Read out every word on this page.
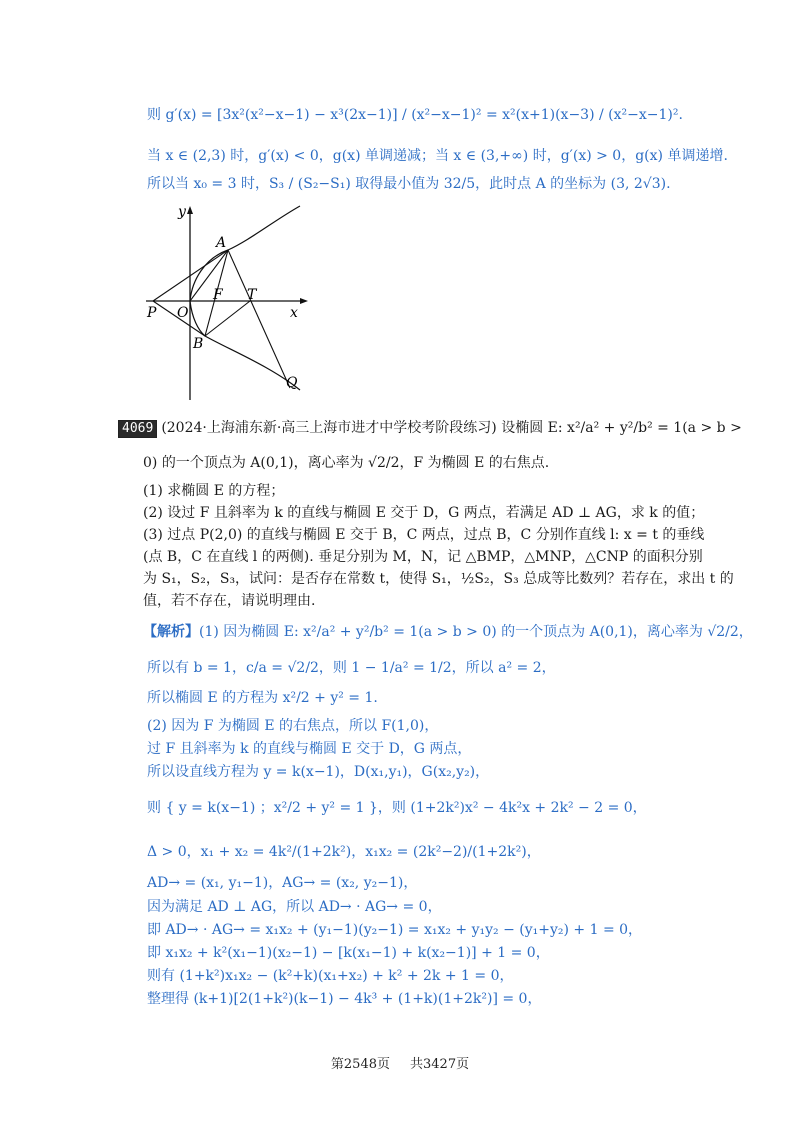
则 g′(x) = [3x²(x²−x−1) − x³(2x−1)] / (x²−x−1)² = x²(x+1)(x−3) / (x²−x−1)².
当 x ∈ (2,3) 时，g′(x) < 0，g(x) 单调递减；当 x ∈ (3,+∞) 时，g′(x) > 0，g(x) 单调递增.
所以当 x₀ = 3 时，S₃ / (S₂−S₁) 取得最小值为 32/5，此时点 A 的坐标为 (3, 2√3).
y
A
F T
P O	x
B
Q
4069 (2024·上海浦东新·高三上海市进才中学校考阶段练习) 设椭圆 E: x²/a² + y²/b² = 1(a > b >
0) 的一个顶点为 A(0,1)，离心率为 √2/2，F 为椭圆 E 的右焦点.
(1) 求椭圆 E 的方程；
(2) 设过 F 且斜率为 k 的直线与椭圆 E 交于 D，G 两点，若满足 AD ⊥ AG，求 k 的值；
(3) 过点 P(2,0) 的直线与椭圆 E 交于 B，C 两点，过点 B，C 分别作直线 l: x = t 的垂线
(点 B，C 在直线 l 的两侧). 垂足分别为 M，N，记 △BMP，△MNP，△CNP 的面积分别
为 S₁，S₂，S₃，试问：是否存在常数 t，使得 S₁，½S₂，S₃ 总成等比数列？若存在，求出 t 的
值，若不存在，请说明理由.
【解析】(1) 因为椭圆 E: x²/a² + y²/b² = 1(a > b > 0) 的一个顶点为 A(0,1)，离心率为 √2/2，
所以有 b = 1，c/a = √2/2，则 1 − 1/a² = 1/2，所以 a² = 2，
所以椭圆 E 的方程为 x²/2 + y² = 1.
(2) 因为 F 为椭圆 E 的右焦点，所以 F(1,0)，
过 F 且斜率为 k 的直线与椭圆 E 交于 D，G 两点，
所以设直线方程为 y = k(x−1)，D(x₁,y₁)，G(x₂,y₂)，
则 { y = k(x−1) ；x²/2 + y² = 1 }，则 (1+2k²)x² − 4k²x + 2k² − 2 = 0，
Δ > 0，x₁ + x₂ = 4k²/(1+2k²)，x₁x₂ = (2k²−2)/(1+2k²)，
AD→ = (x₁, y₁−1)，AG→ = (x₂, y₂−1)，
因为满足 AD ⊥ AG，所以 AD→ · AG→ = 0，
即 AD→ · AG→ = x₁x₂ + (y₁−1)(y₂−1) = x₁x₂ + y₁y₂ − (y₁+y₂) + 1 = 0，
即 x₁x₂ + k²(x₁−1)(x₂−1) − [k(x₁−1) + k(x₂−1)] + 1 = 0，
则有 (1+k²)x₁x₂ − (k²+k)(x₁+x₂) + k² + 2k + 1 = 0，
整理得 (k+1)[2(1+k²)(k−1) − 4k³ + (1+k)(1+2k²)] = 0，
第2548页 共3427页
